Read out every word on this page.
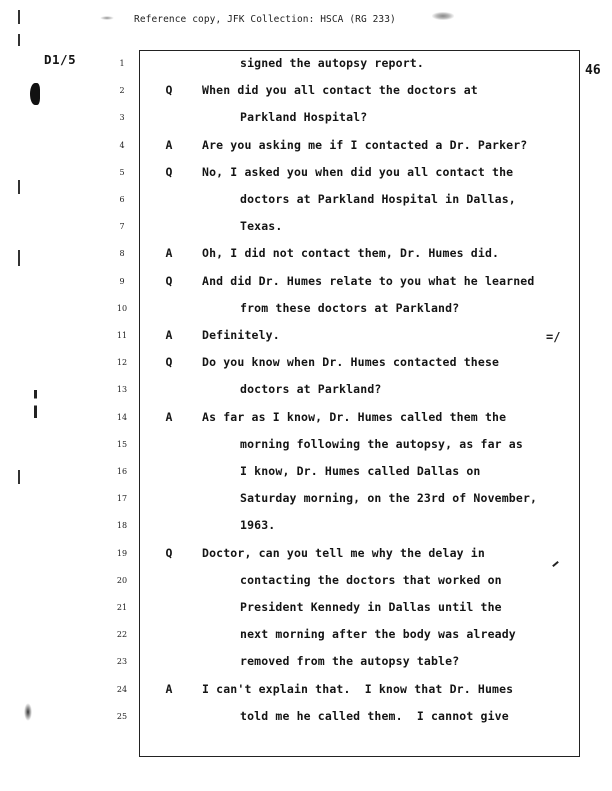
Reference copy, JFK Collection: HSCA (RG 233)
D1/5
46
1	signed the autopsy report.
2	Q	When did you all contact the doctors at
3	Parkland Hospital?
4	A	Are you asking me if I contacted a Dr. Parker?
5	Q	No, I asked you when did you all contact the
6	doctors at Parkland Hospital in Dallas,
7	Texas.
8	A	Oh, I did not contact them, Dr. Humes did.
9	Q	And did Dr. Humes relate to you what he learned
10	from these doctors at Parkland?
11	A	Definitely.
12	Q	Do you know when Dr. Humes contacted these
13	doctors at Parkland?
14	A	As far as I know, Dr. Humes called them the
15	morning following the autopsy, as far as
16	I know, Dr. Humes called Dallas on
17	Saturday morning, on the 23rd of November,
18	1963.
19	Q	Doctor, can you tell me why the delay in
20	contacting the doctors that worked on
21	President Kennedy in Dallas until the
22	next morning after the body was already
23	removed from the autopsy table?
24	A	I can't explain that.  I know that Dr. Humes
25	told me he called them.  I cannot give
=/
